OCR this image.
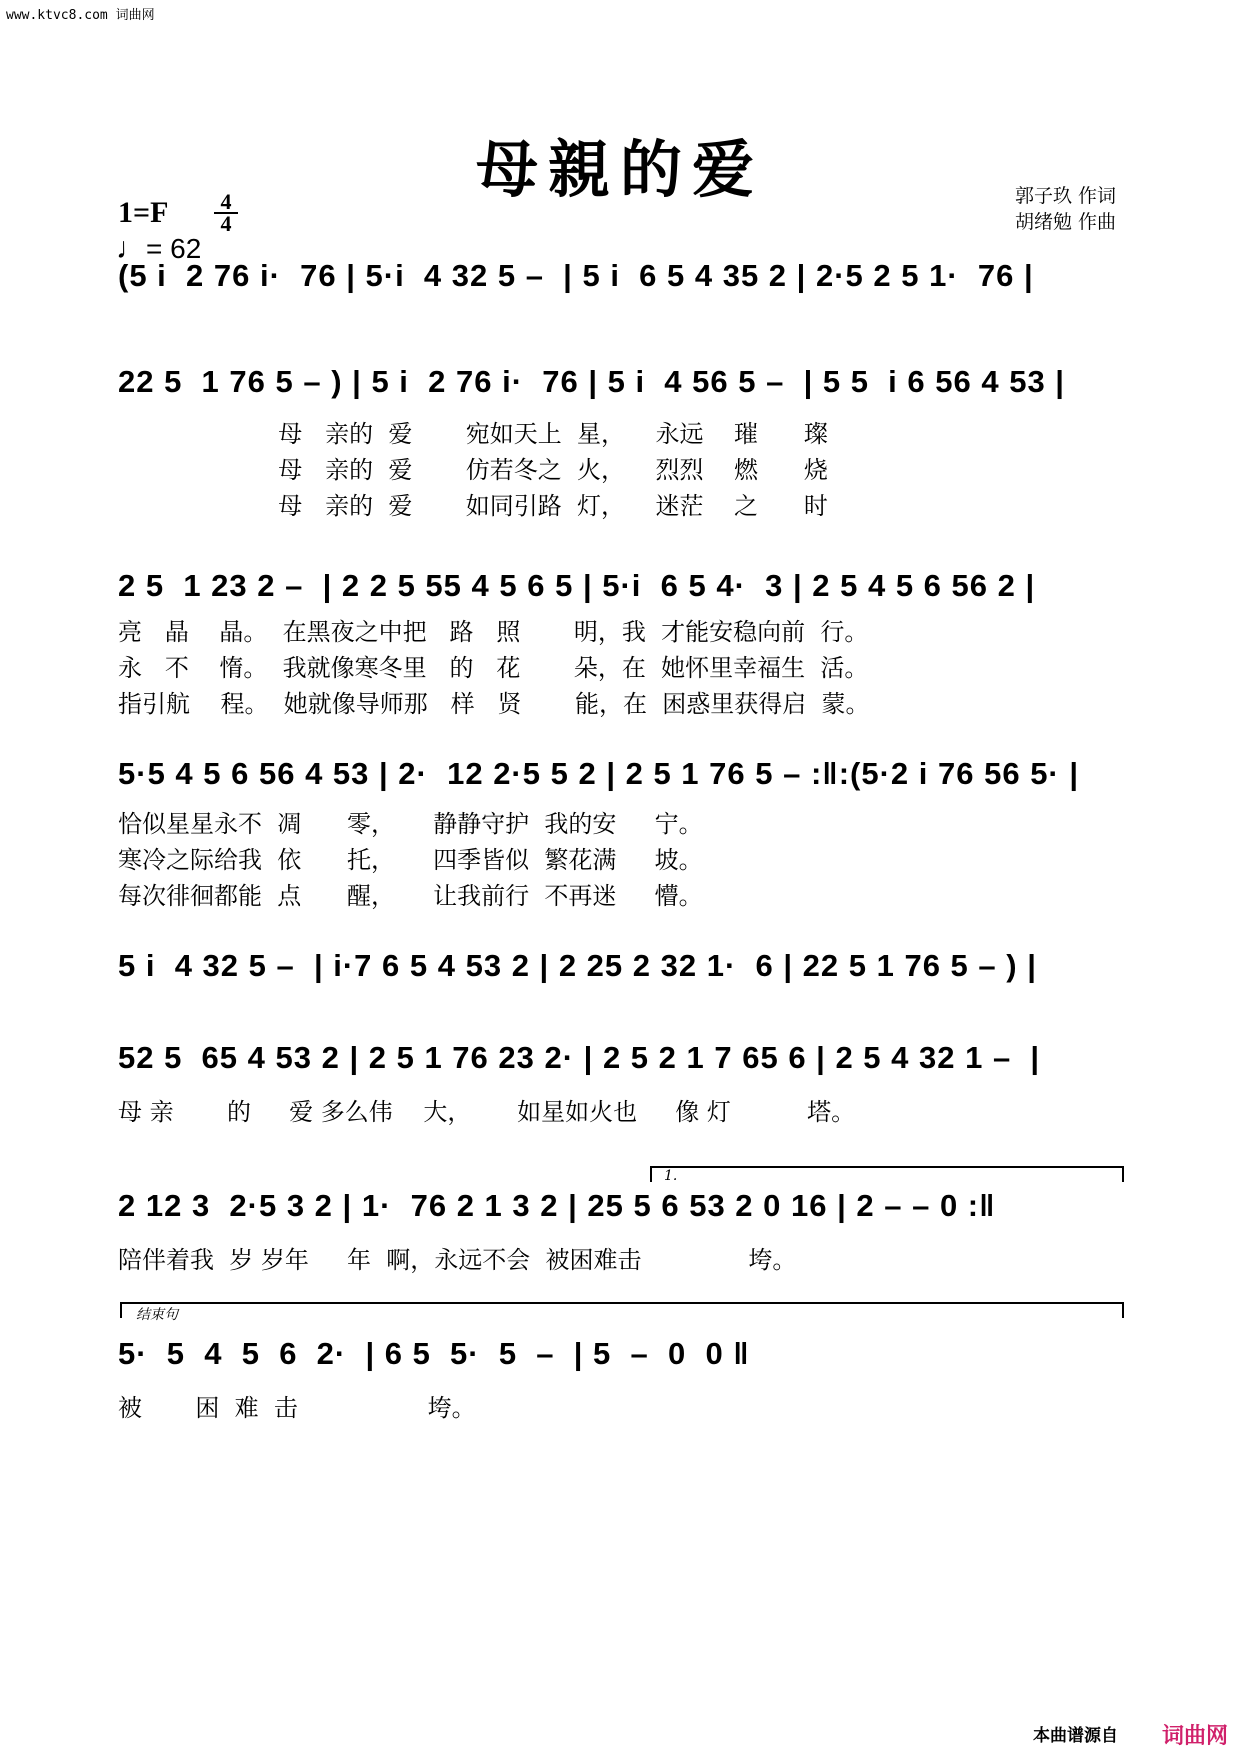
www.ktvc8.com 词曲网
母親的爱	郭子玖 作词
胡绪勉 作曲
1=F 4
4
♩= 62
(5 i  2 76 i·  76 | 5·i  4 32 5 –  | 5 i  6 5 4 35 2 | 2·5 2 5 1·  76 |
22 5  1 76 5 – ) | 5 i  2 76 i·  76 | 5 i  4 56 5 –  | 5 5  i 6 56 4 53 |
母   亲的  爱       宛如天上  星，    永远    璀      璨
母   亲的  爱       仿若冬之  火，    烈烈    燃      烧
母   亲的  爱       如同引路  灯，    迷茫    之      时
2 5  1 23 2 –  | 2 2 5 55 4 5 6 5 | 5·i  6 5 4·  3 | 2 5 4 5 6 56 2 |
亮   晶    晶。  在黑夜之中把   路   照       明，我  才能安稳向前  行。
永   不    惰。  我就像寒冬里   的   花       朵，在  她怀里幸福生  活。
指引航    程。  她就像导师那   样   贤       能，在  困惑里获得启  蒙。
5·5 4 5 6 56 4 53 | 2·  12 2·5 5 2 | 2 5 1 76 5 – :‖:(5·2 i 76 56 5· |
恰似星星永不  凋      零，     静静守护  我的安     宁。
寒冷之际给我  依      托，     四季皆似  繁花满     坡。
每次徘徊都能  点      醒，     让我前行  不再迷     懵。
5 i  4 32 5 –  | i·7 6 5 4 53 2 | 2 25 2 32 1·  6 | 22 5 1 76 5 – ) |
52 5  65 4 53 2 | 2 5 1 76 23 2· | 2 5 2 1 7 65 6 | 2 5 4 32 1 –  |
母 亲       的     爱 多么伟    大，      如星如火也     像 灯          塔。
1.
2 12 3  2·5 3 2 | 1·  76 2 1 3 2 | 25 5 6 53 2 0 16 | 2 – – 0 :‖
陪伴着我  岁 岁年     年  啊，永远不会  被困难击              垮。
结束句
5·  5  4  5  6  2·  | 6 5  5·  5  –  | 5  –  0  0 ‖
被       困  难  击                 垮。
本曲谱源自 词曲网
